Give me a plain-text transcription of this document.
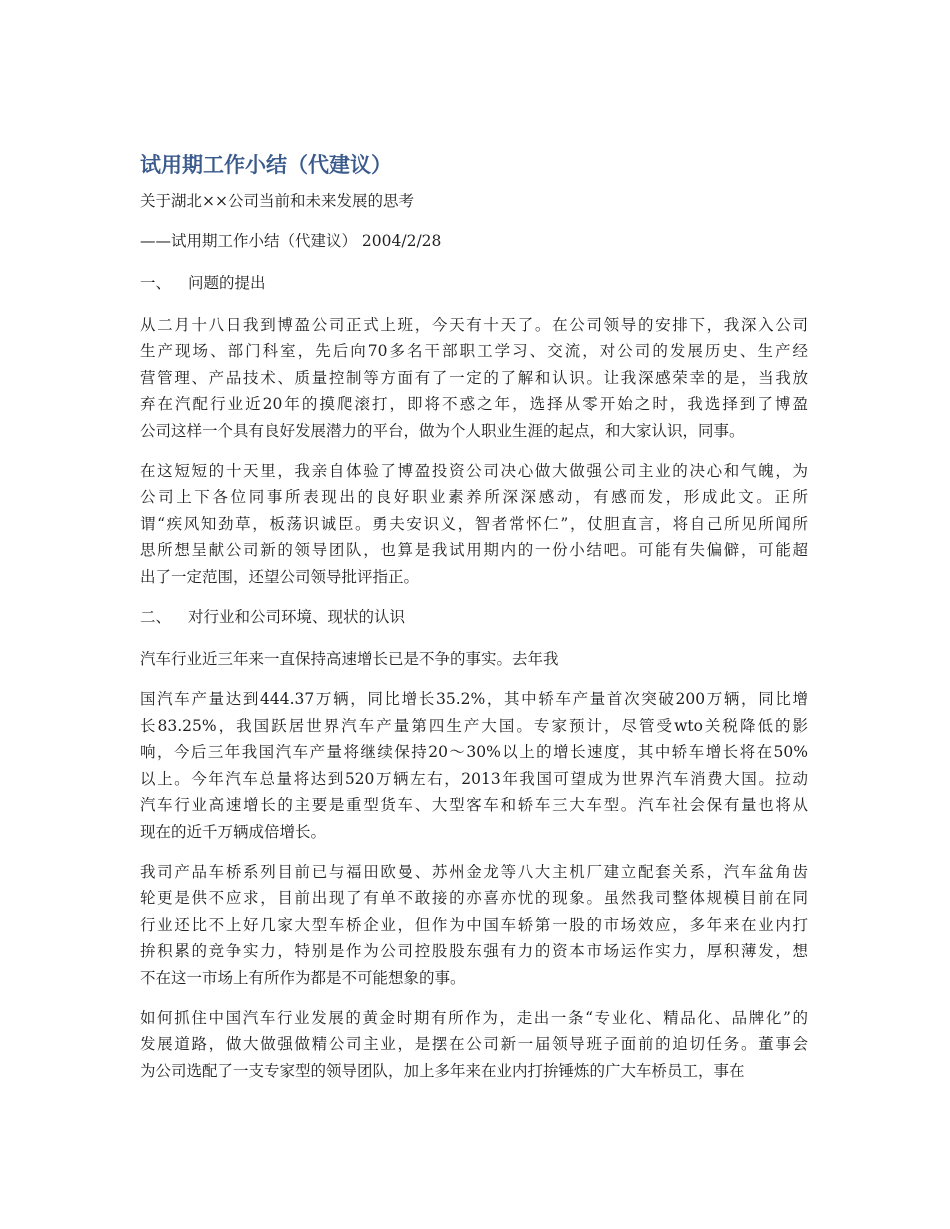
试用期工作小结（代建议）
关于湖北××公司当前和未来发展的思考
——试用期工作小结（代建议） 2004/2/28
一、 问题的提出
从二月十八日我到博盈公司正式上班，今天有十天了。在公司领导的安排下，我深入公司
生产现场、部门科室，先后向70多名干部职工学习、交流，对公司的发展历史、生产经
营管理、产品技术、质量控制等方面有了一定的了解和认识。让我深感荣幸的是，当我放
弃在汽配行业近20年的摸爬滚打，即将不惑之年，选择从零开始之时，我选择到了博盈
公司这样一个具有良好发展潜力的平台，做为个人职业生涯的起点，和大家认识，同事。
在这短短的十天里，我亲自体验了博盈投资公司决心做大做强公司主业的决心和气魄，为
公司上下各位同事所表现出的良好职业素养所深深感动，有感而发，形成此文。正所
谓“疾风知劲草，板荡识诚臣。勇夫安识义，智者常怀仁”，仗胆直言，将自己所见所闻所
思所想呈献公司新的领导团队，也算是我试用期内的一份小结吧。可能有失偏僻，可能超
出了一定范围，还望公司领导批评指正。
二、 对行业和公司环境、现状的认识
汽车行业近三年来一直保持高速增长已是不争的事实。去年我
国汽车产量达到444.37万辆，同比增长35.2%，其中轿车产量首次突破200万辆，同比增
长83.25%，我国跃居世界汽车产量第四生产大国。专家预计，尽管受wto关税降低的影
响，今后三年我国汽车产量将继续保持20～30%以上的增长速度，其中轿车增长将在50%
以上。今年汽车总量将达到520万辆左右，2013年我国可望成为世界汽车消费大国。拉动
汽车行业高速增长的主要是重型货车、大型客车和轿车三大车型。汽车社会保有量也将从
现在的近千万辆成倍增长。
我司产品车桥系列目前已与福田欧曼、苏州金龙等八大主机厂建立配套关系，汽车盆角齿
轮更是供不应求，目前出现了有单不敢接的亦喜亦忧的现象。虽然我司整体规模目前在同
行业还比不上好几家大型车桥企业，但作为中国车轿第一股的市场效应，多年来在业内打
拚积累的竞争实力，特别是作为公司控股股东强有力的资本市场运作实力，厚积薄发，想
不在这一市场上有所作为都是不可能想象的事。
如何抓住中国汽车行业发展的黄金时期有所作为，走出一条“专业化、精品化、品牌化”的
发展道路，做大做强做精公司主业，是摆在公司新一届领导班子面前的迫切任务。董事会
为公司选配了一支专家型的领导团队，加上多年来在业内打拚锤炼的广大车桥员工，事在
